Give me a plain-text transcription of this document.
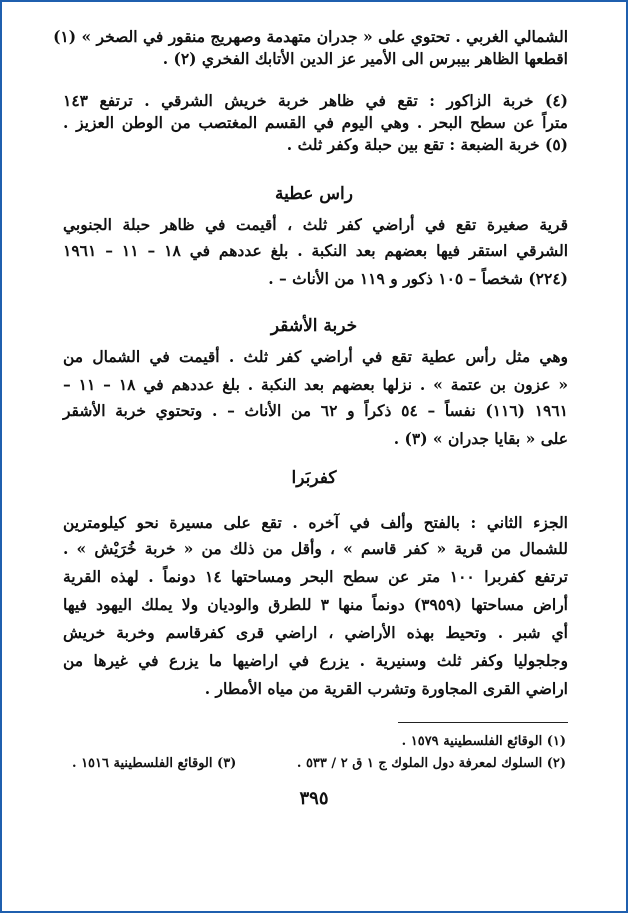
الشمالي الغربي . تحتوي على « جدران متهدمة وصهريج منقور في الصخر » (١)
اقطعها الظاهر بيبرس الى الأمير عز الدين الأتابك الفخري (٢) .
(٤) خربة الزاكور : تقع في ظاهر خربة خريش الشرقي . ترتفع ١٤٣
متراً عن سطح البحر . وهي اليوم في القسم المغتصب من الوطن العزيز .
(٥) خربة الضبعة : تقع بين حبلة وكفر ثلث .
راس عطية
قرية صغيرة تقع في أراضي كفر ثلث ، أقيمت في ظاهر حبلة الجنوبي
الشرقي استقر فيها بعضهم بعد النكبة . بلغ عددهم في ١٨ – ١١ – ١٩٦١
(٢٢٤) شخصاً – ١٠٥ ذكور و ١١٩ من الأناث – .
خربة الأشقر
وهي مثل رأس عطية تقع في أراضي كفر ثلث . أقيمت في الشمال من
« عزون بن عتمة » . نزلها بعضهم بعد النكبة . بلغ عددهم في ١٨ – ١١ –
١٩٦١ (١١٦) نفساً – ٥٤ ذكراً و ٦٢ من الأناث – . وتحتوي خربة الأشقر
على « بقايا جدران » (٣) .
كفربَرا
الجزء الثاني : بالفتح وألف في آخره . تقع على مسيرة نحو كيلومترين
للشمال من قرية « كفر قاسم » ، وأقل من ذلك من « خربة خُرَيْش » .
ترتفع كفربرا ١٠٠ متر عن سطح البحر ومساحتها ١٤ دونماً . لهذه القرية
أراض مساحتها (٣٩٥٩) دونماً منها ٣ للطرق والوديان ولا يملك اليهود فيها
أي شبر . وتحيط بهذه الأراضي ، اراضي قرى كفرقاسم وخربة خريش
وجلجوليا وكفر ثلث وسنيرية . يزرع في اراضيها ما يزرع في غيرها من
اراضي القرى المجاورة وتشرب القرية من مياه الأمطار .
(١) الوقائع الفلسطينية ١٥٧٩ .
(٢) السلوك لمعرفة دول الملوك ج ١ ق ٢ / ٥٣٣ .
(٣) الوقائع الفلسطينية ١٥١٦ .
٣٩٥
